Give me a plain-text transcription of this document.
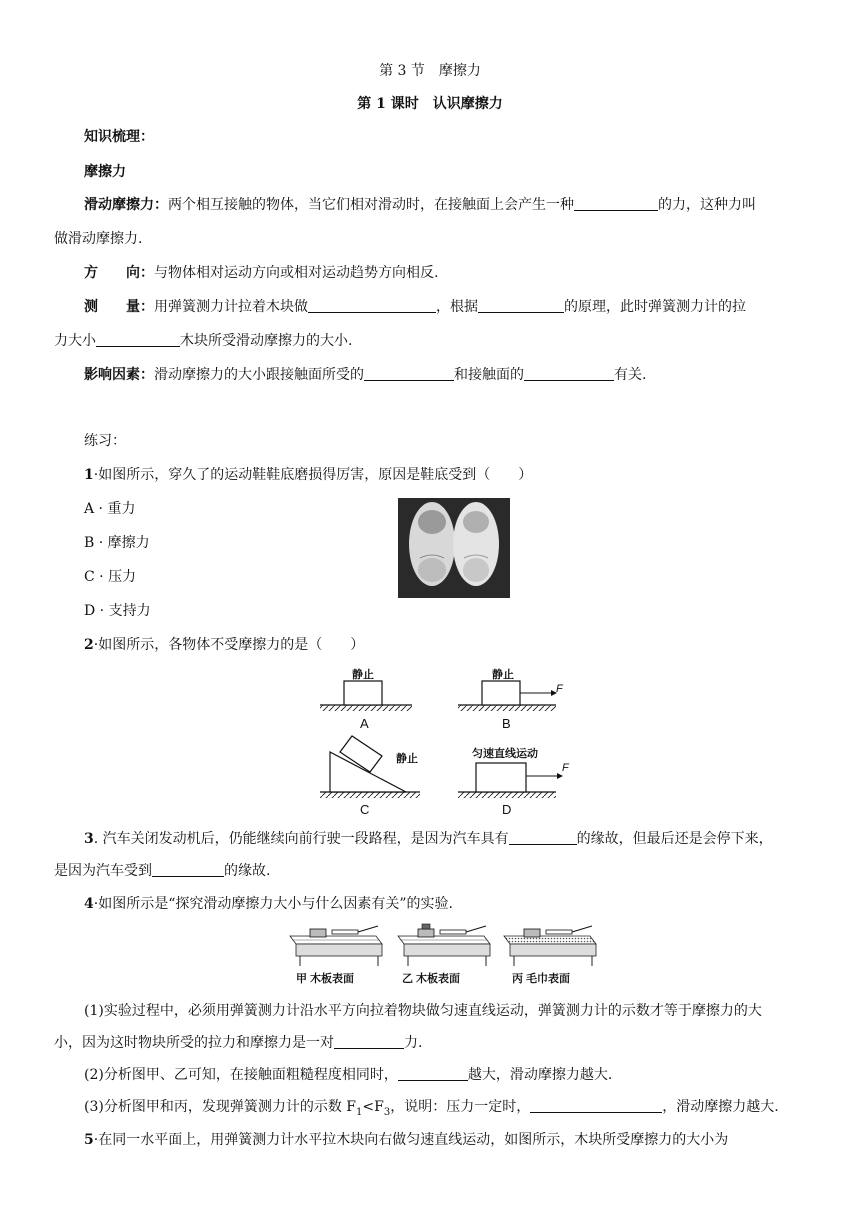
第 3 节　摩擦力
第 1 课时　认识摩擦力
知识梳理：
摩擦力
滑动摩擦力：两个相互接触的物体，当它们相对滑动时，在接触面上会产生一种	的力，这种力叫
做滑动摩擦力.
方　　向：与物体相对运动方向或相对运动趋势方向相反.
测　　量：用弹簧测力计拉着木块做	，根据	的原理，此时弹簧测力计的拉
力大小	木块所受滑动摩擦力的大小.
影响因素：滑动摩擦力的大小跟接触面所受的	和接触面的	有关.
练习：
1·如图所示，穿久了的运动鞋鞋底磨损得厉害，原因是鞋底受到（　　）
A · 重力
B · 摩擦力
C · 压力
D · 支持力
2·如图所示，各物体不受摩擦力的是（　　）
静止	静止
静止	匀速直线运动
F
F
A	B
C	D
3. 汽车关闭发动机后，仍能继续向前行驶一段路程，是因为汽车具有	的缘故，但最后还是会停下来，
是因为汽车受到	的缘故.
4·如图所示是“探究滑动摩擦力大小与什么因素有关”的实验.
甲 木板表面	乙 木板表面	丙 毛巾表面
(1)实验过程中，必须用弹簧测力计沿水平方向拉着物块做匀速直线运动，弹簧测力计的示数才等于摩擦力的大
小，因为这时物块所受的拉力和摩擦力是一对	力.
(2)分析图甲、乙可知，在接触面粗糙程度相同时，	越大，滑动摩擦力越大.
(3)分析图甲和丙，发现弹簧测力计的示数 $F_1<F_3$，说明：压力一定时，	，滑动摩擦力越大.
5·在同一水平面上，用弹簧测力计水平拉木块向右做匀速直线运动，如图所示，木块所受摩擦力的大小为
